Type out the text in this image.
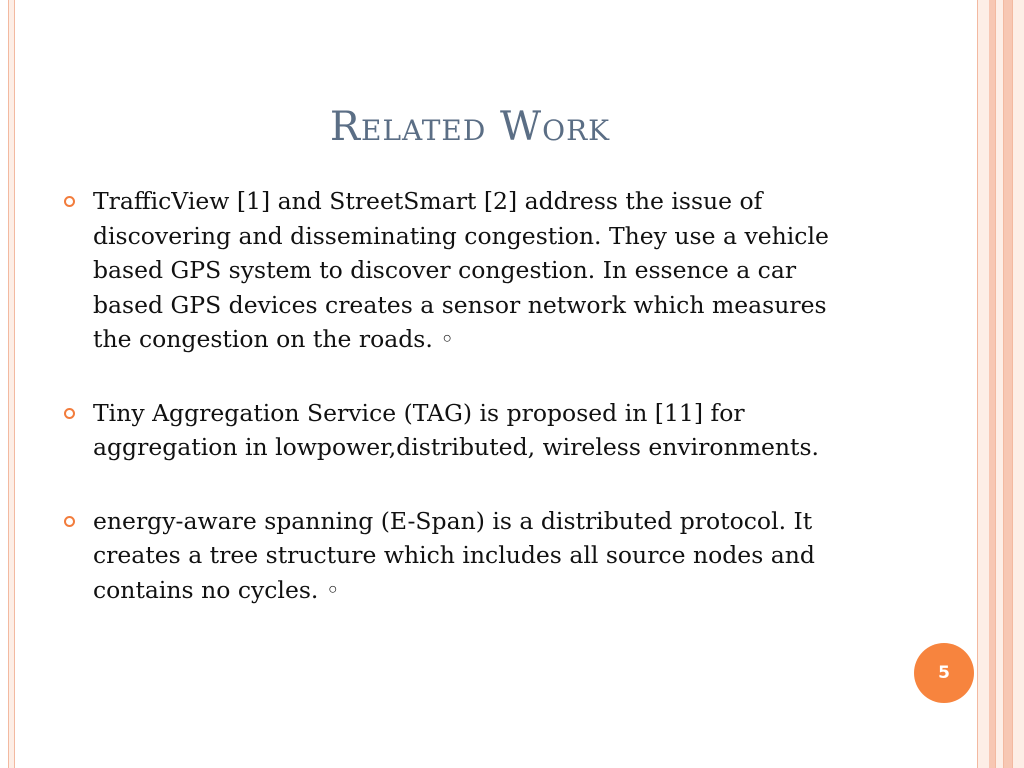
Related Work
TrafficView [1] and StreetSmart [2] address the issue of discovering and disseminating congestion. They use a vehicle based GPS system to discover congestion. In essence a car based GPS devices creates a sensor network which measures the congestion on the roads. ◦
Tiny Aggregation Service (TAG) is proposed in [11] for aggregation in lowpower,distributed, wireless environments.
energy-aware spanning (E-Span) is a distributed protocol. It creates a tree structure which includes all source nodes and contains no cycles. ◦
5
